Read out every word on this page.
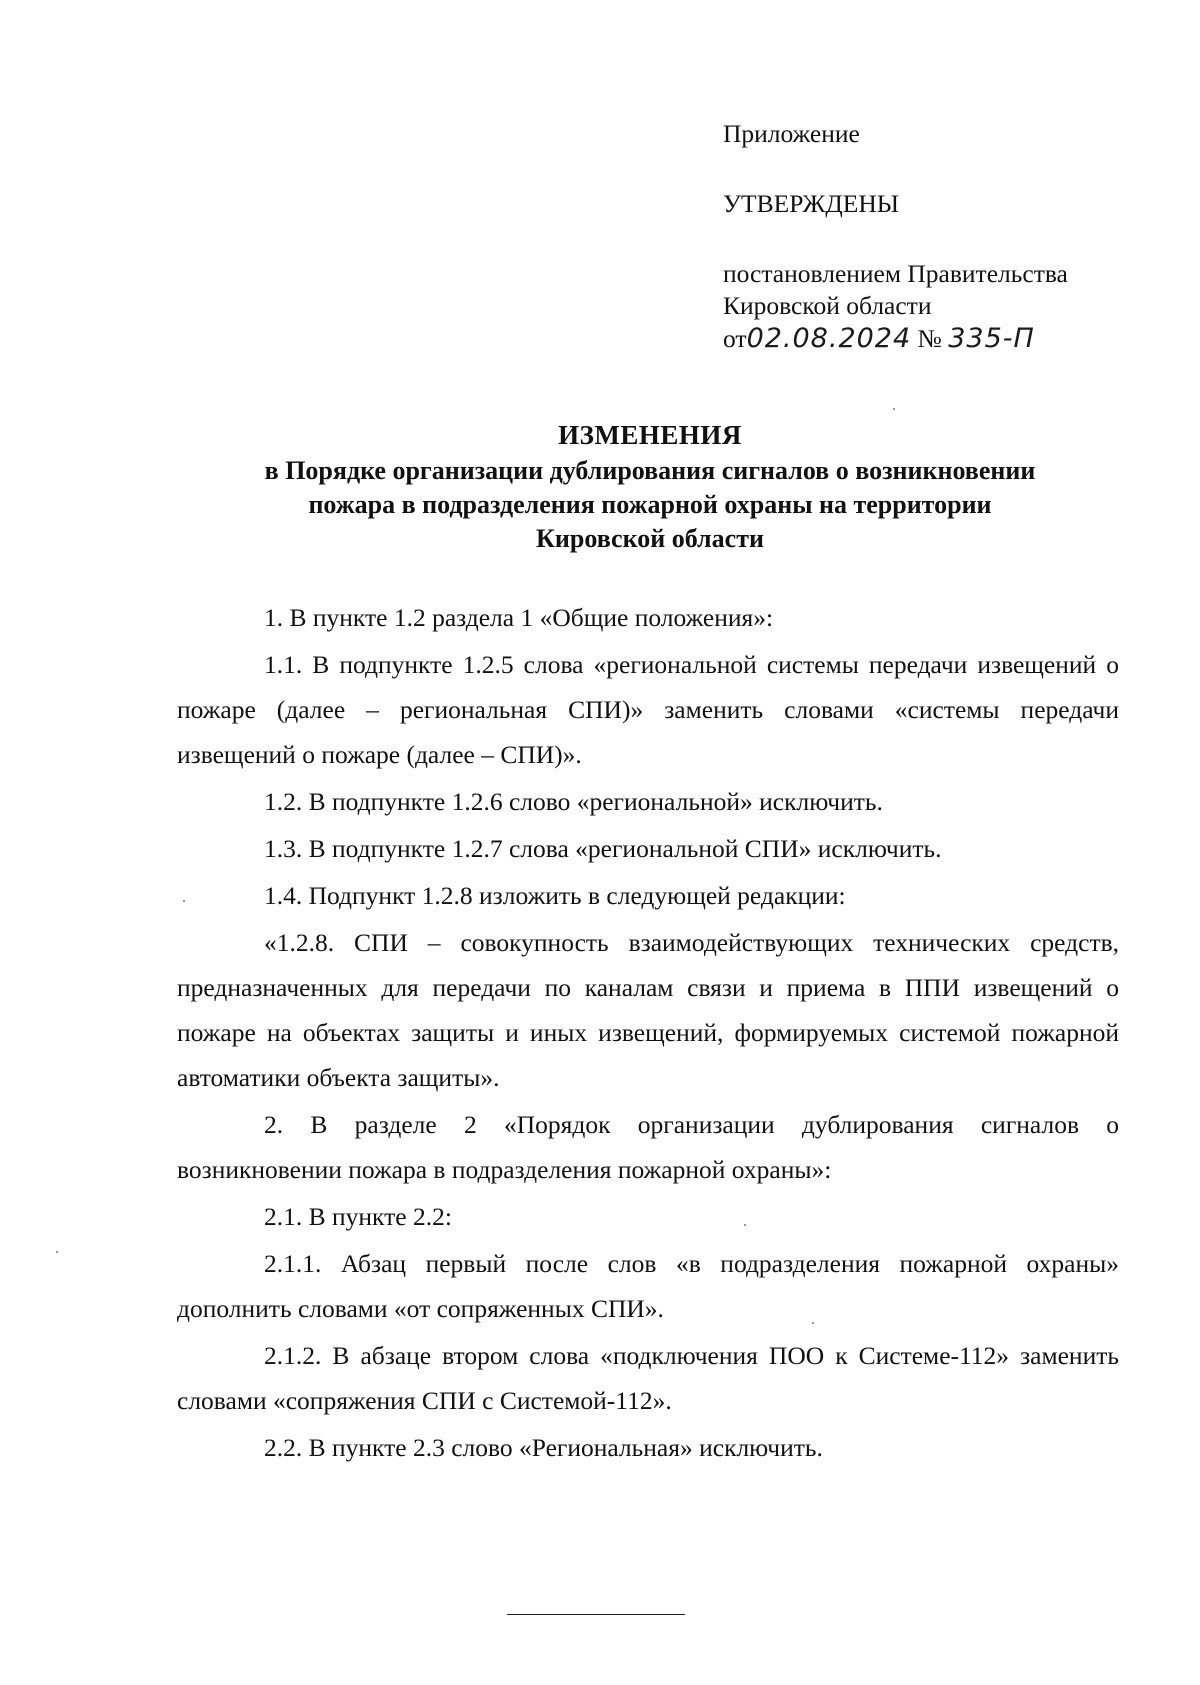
Приложение
УТВЕРЖДЕНЫ
постановлением Правительства
Кировской области
от02.08.2024 № 335-П
ИЗМЕНЕНИЯ
в Порядке организации дублирования сигналов о возникновении
пожара в подразделения пожарной охраны на территории
Кировской области

1. В пункте 1.2 раздела 1 «Общие положения»:

1.1. В подпункте 1.2.5 слова «региональной системы передачи извещений о пожаре (далее – региональная СПИ)» заменить словами «системы передачи извещений о пожаре (далее – СПИ)».

1.2. В подпункте 1.2.6 слово «региональной» исключить.

1.3. В подпункте 1.2.7 слова «региональной СПИ» исключить.

1.4. Подпункт 1.2.8 изложить в следующей редакции:

«1.2.8. СПИ – совокупность взаимодействующих технических средств, предназначенных для передачи по каналам связи и приема в ППИ извещений о пожаре на объектах защиты и иных извещений, формируемых системой пожарной автоматики объекта защиты».

2. В разделе 2 «Порядок организации дублирования сигналов о возникновении пожара в подразделения пожарной охраны»:

2.1. В пункте 2.2:

2.1.1. Абзац первый после слов «в подразделения пожарной охраны» дополнить словами «от сопряженных СПИ».

2.1.2. В абзаце втором слова «подключения ПОО к Системе-112» заменить словами «сопряжения СПИ с Системой-112».

2.2. В пункте 2.3 слово «Региональная» исключить.
